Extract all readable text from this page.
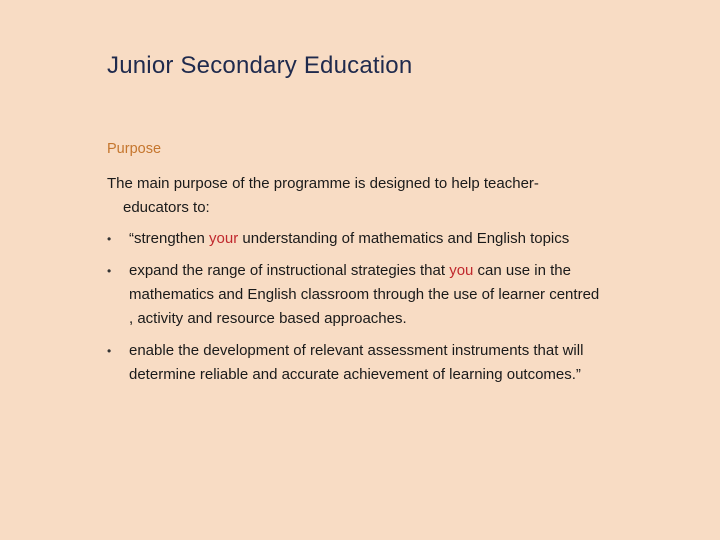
Junior Secondary Education
Purpose
The main purpose of the programme is designed to help teacher-
educators to:
• “strengthen your understanding of mathematics and English topics
• expand the range of instructional strategies that you can use in the mathematics and English classroom through the use of learner centred , activity and resource based approaches.
• enable the development of relevant assessment instruments that will determine reliable and accurate achievement of learning outcomes.”
